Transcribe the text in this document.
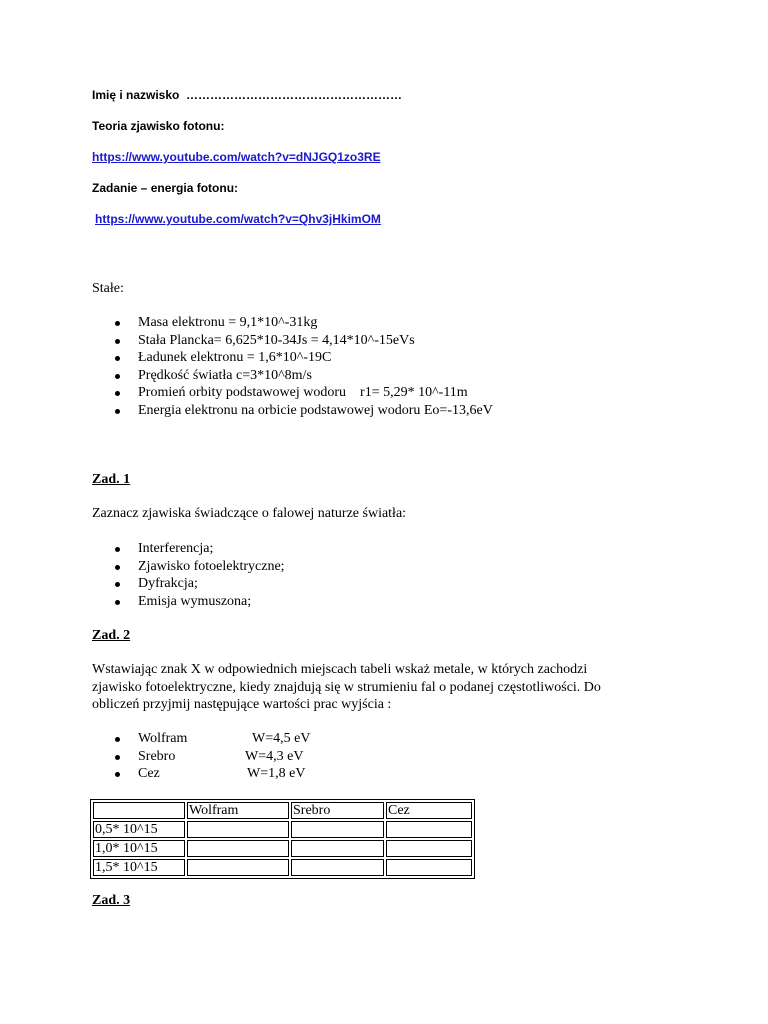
Imię i nazwisko ………………………………………………
Teoria zjawisko fotonu:
https://www.youtube.com/watch?v=dNJGQ1zo3RE
Zadanie – energia fotonu:
https://www.youtube.com/watch?v=Qhv3jHkimOM
Stałe:
Masa elektronu = 9,1*10^-31kg
Stała Plancka= 6,625*10-34Js = 4,14*10^-15eVs
Ładunek elektronu = 1,6*10^-19C
Prędkość światła c=3*10^8m/s
Promień orbity podstawowej wodoru    r1= 5,29* 10^-11m
Energia elektronu na orbicie podstawowej wodoru Eo=-13,6eV
Zad. 1
Zaznacz zjawiska świadczące o falowej naturze światła:
Interferencja;
Zjawisko fotoelektryczne;
Dyfrakcja;
Emisja wymuszona;
Zad. 2
Wstawiając znak X w odpowiednich miejscach tabeli wskaż metale, w których zachodzi
zjawisko fotoelektryczne, kiedy znajdują się w strumieniu fal o podanej częstotliwości. Do
obliczeń przyjmij następujące wartości prac wyjścia :
Wolfram	W=4,5 eV
Srebro	W=4,3 eV
Cez	W=1,8 eV
	Wolfram	Srebro	Cez
0,5* 10^15			
1,0* 10^15			
1,5* 10^15			
Zad. 3
